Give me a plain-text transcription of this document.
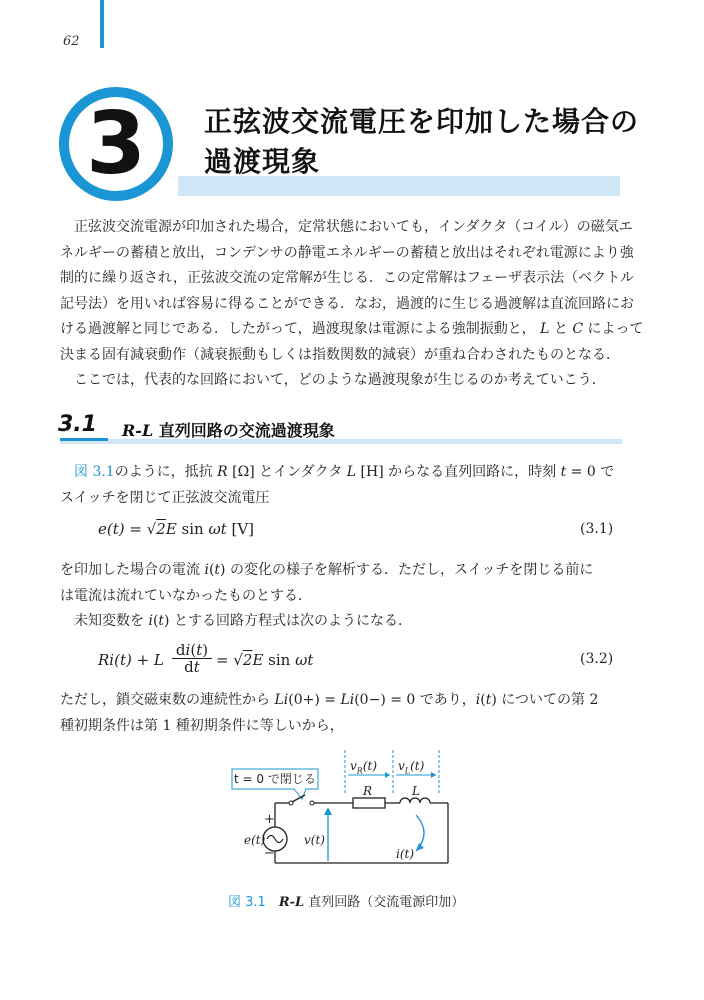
62
3	正弦波交流電圧を印加した場合の
過渡現象
　正弦波交流電源が印加された場合，定常状態においても，インダクタ（コイル）の磁気エ
ネルギーの蓄積と放出，コンデンサの静電エネルギーの蓄積と放出はそれぞれ電源により強
制的に繰り返され，正弦波交流の定常解が生じる．この定常解はフェーザ表示法（ベクトル
記号法）を用いれば容易に得ることができる．なお，過渡的に生じる過渡解は直流回路にお
ける過渡解と同じである．したがって，過渡現象は電源による強制振動と， L と C によって
決まる固有減衰動作（減衰振動もしくは指数関数的減衰）が重ね合わされたものとなる．
　ここでは，代表的な回路において，どのような過渡現象が生じるのか考えていこう．
3.1 R-L 直列回路の交流過渡現象
　図 3.1のように，抵抗 R [Ω] とインダクタ L [H] からなる直列回路に，時刻 t = 0 で
スイッチを閉じて正弦波交流電圧
e(t) = √2E sin ωt [V]	(3.1)
を印加した場合の電流 i(t) の変化の様子を解析する．ただし，スイッチを閉じる前に
は電流は流れていなかったものとする．
　未知変数を i(t) とする回路方程式は次のようになる．
Ri(t) + L
di(t)
dt	= √2E sin ωt	(3.2)
ただし，鎖交磁束数の連続性から Li(0+) = Li(0−) = 0 であり，i(t) についての第 2
種初期条件は第 1 種初期条件に等しいから，
t = 0 で閉じる
$v_R(t)$ $v_L(t)$
R	L
e(t)	v(t)
i(t)
+
−
図 3.1  R-L 直列回路（交流電源印加）
